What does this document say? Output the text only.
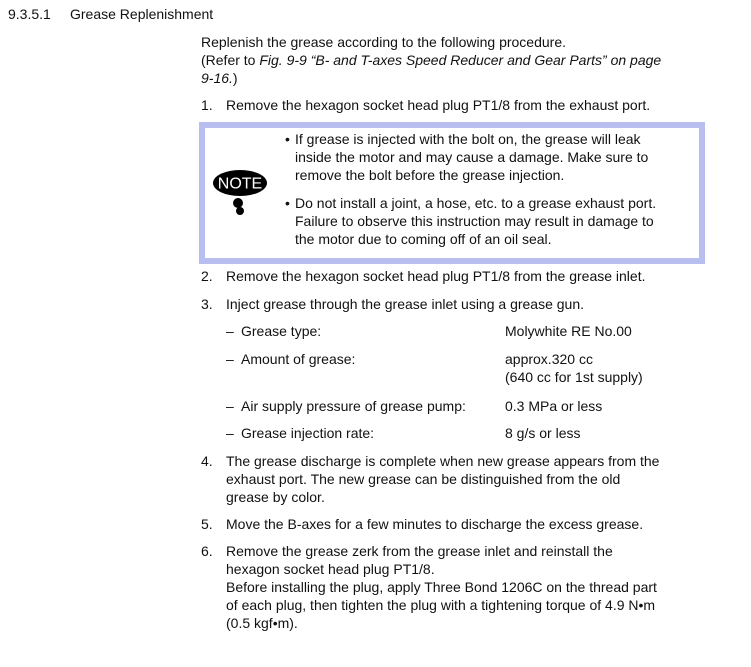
9.3.5.1 Grease Replenishment
Replenish the grease according to the following procedure.
(Refer to Fig. 9-9 “B- and T-axes Speed Reducer and Gear Parts” on page
9-16.)
1. Remove the hexagon socket head plug PT1/8 from the exhaust port.
NOTE
• If grease is injected with the bolt on, the grease will leak
inside the motor and may cause a damage. Make sure to
remove the bolt before the grease injection.
• Do not install a joint, a hose, etc. to a grease exhaust port.
Failure to observe this instruction may result in damage to
the motor due to coming off of an oil seal.
2. Remove the hexagon socket head plug PT1/8 from the grease inlet.
3. Inject grease through the grease inlet using a grease gun.
– Grease type:	Molywhite RE No.00
– Amount of grease:	approx.320 cc
(640 cc for 1st supply)
– Air supply pressure of grease pump:	0.3 MPa or less
– Grease injection rate:	8 g/s or less
4. The grease discharge is complete when new grease appears from the
exhaust port. The new grease can be distinguished from the old
grease by color.
5. Move the B-axes for a few minutes to discharge the excess grease.
6. Remove the grease zerk from the grease inlet and reinstall the
hexagon socket head plug PT1/8.
Before installing the plug, apply Three Bond 1206C on the thread part
of each plug, then tighten the plug with a tightening torque of 4.9 N•m
(0.5 kgf•m).
